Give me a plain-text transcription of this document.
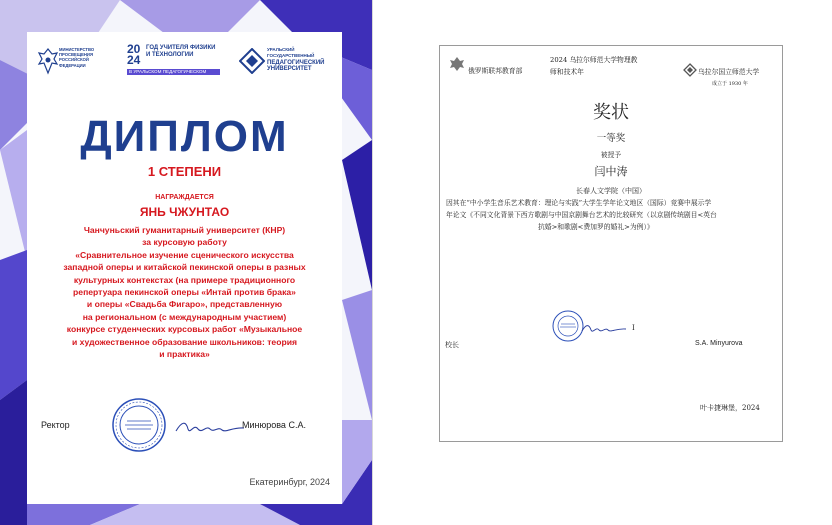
МИНИСТЕРСТВО ПРОСВЕЩЕНИЯ РОССИЙСКОЙ ФЕДЕРАЦИИ
20
24
ГОД УЧИТЕЛЯ ФИЗИКИ И ТЕХНОЛОГИИ
В УРАЛЬСКОМ ПЕДАГОГИЧЕСКОМ
УРАЛЬСКИЙ ГОСУДАРСТВЕННЫЙ
ПЕДАГОГИЧЕСКИЙ
УНИВЕРСИТЕТ
ДИПЛОМ
1 СТЕПЕНИ
НАГРАЖДАЕТСЯ
ЯНЬ ЧЖУНТАО
Чанчуньский гуманитарный университет (КНР)
за курсовую работу
«Сравнительное изучение сценического искусства
западной оперы и китайской пекинской оперы в разных
культурных контекстах (на примере традиционного
репертуара пекинской оперы «Интай против брака»
и оперы «Свадьба Фигаро», представленную
на региональном (с международным участием)
конкурсе студенческих курсовых работ «Музыкальное
и художественное образование школьников: теория
и практика»
Ректор	Минюрова С.А.
Екатеринбург, 2024
俄罗斯联邦教育部
2024 乌拉尔师范大学物理教
师和技术年	乌拉尔国立师范大学
成立于 1930 年
奖状
一等奖
被授予
闫中涛
长春人文学院（中国）
因其在“中小学生音乐艺术教育：理论与实践”大学生学年论文地区（国际）竞赛中展示学
年论文《不同文化背景下西方歌剧与中国京剧舞台艺术的比较研究（以京剧传统剧目<英台
抗婚>和歌剧<费加罗的婚礼>为例）》
I
校长	S.A. Minyurova
叶卡捷琳堡，2024
